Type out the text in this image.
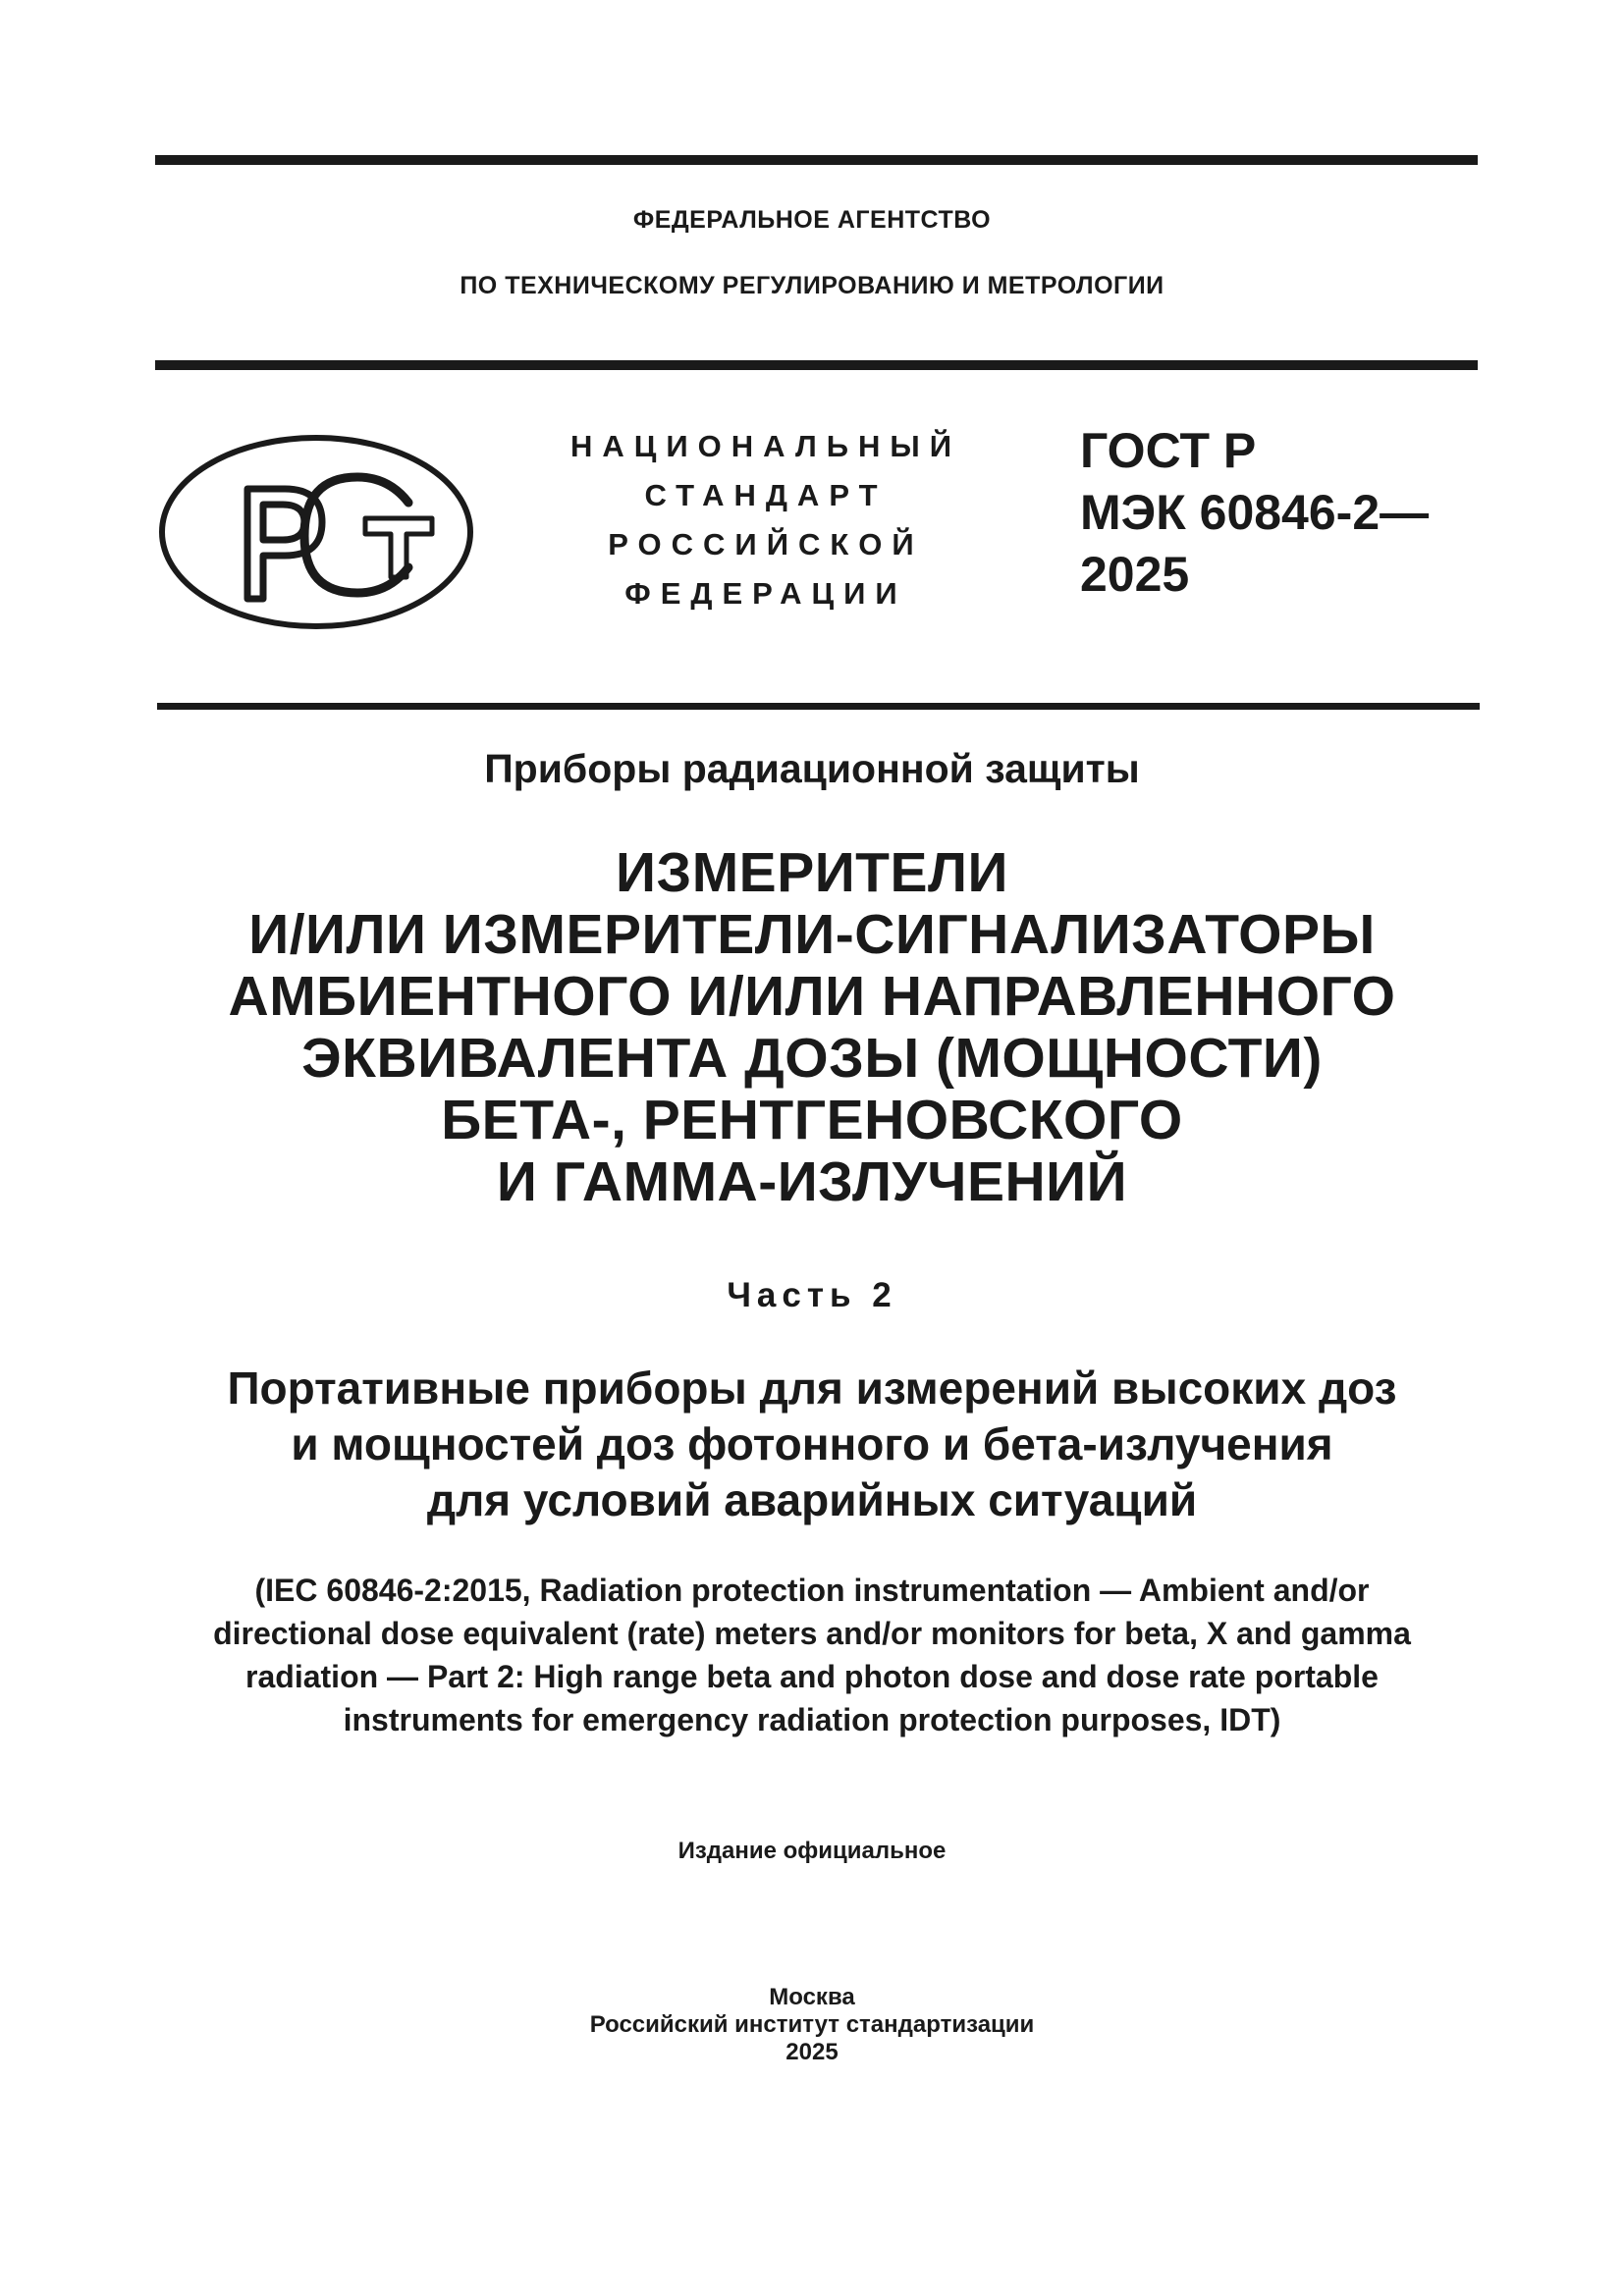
ФЕДЕРАЛЬНОЕ АГЕНТСТВО
ПО ТЕХНИЧЕСКОМУ РЕГУЛИРОВАНИЮ И МЕТРОЛОГИИ
НАЦИОНАЛЬНЫЙ
СТАНДАРТ
РОССИЙСКОЙ
ФЕДЕРАЦИИ
ГОСТ Р
МЭК 60846-2—
2025
Приборы радиационной защиты
ИЗМЕРИТЕЛИ
И/ИЛИ ИЗМЕРИТЕЛИ-СИГНАЛИЗАТОРЫ
АМБИЕНТНОГО И/ИЛИ НАПРАВЛЕННОГО
ЭКВИВАЛЕНТА ДОЗЫ (МОЩНОСТИ)
БЕТА-, РЕНТГЕНОВСКОГО
И ГАММА-ИЗЛУЧЕНИЙ
Часть 2
Портативные приборы для измерений высоких доз
и мощностей доз фотонного и бета-излучения
для условий аварийных ситуаций
(IEC 60846-2:2015, Radiation protection instrumentation — Ambient and/or
directional dose equivalent (rate) meters and/or monitors for beta, X and gamma
radiation — Part 2: High range beta and photon dose and dose rate portable
instruments for emergency radiation protection purposes, IDT)
Издание официальное
Москва
Российский институт стандартизации
2025
